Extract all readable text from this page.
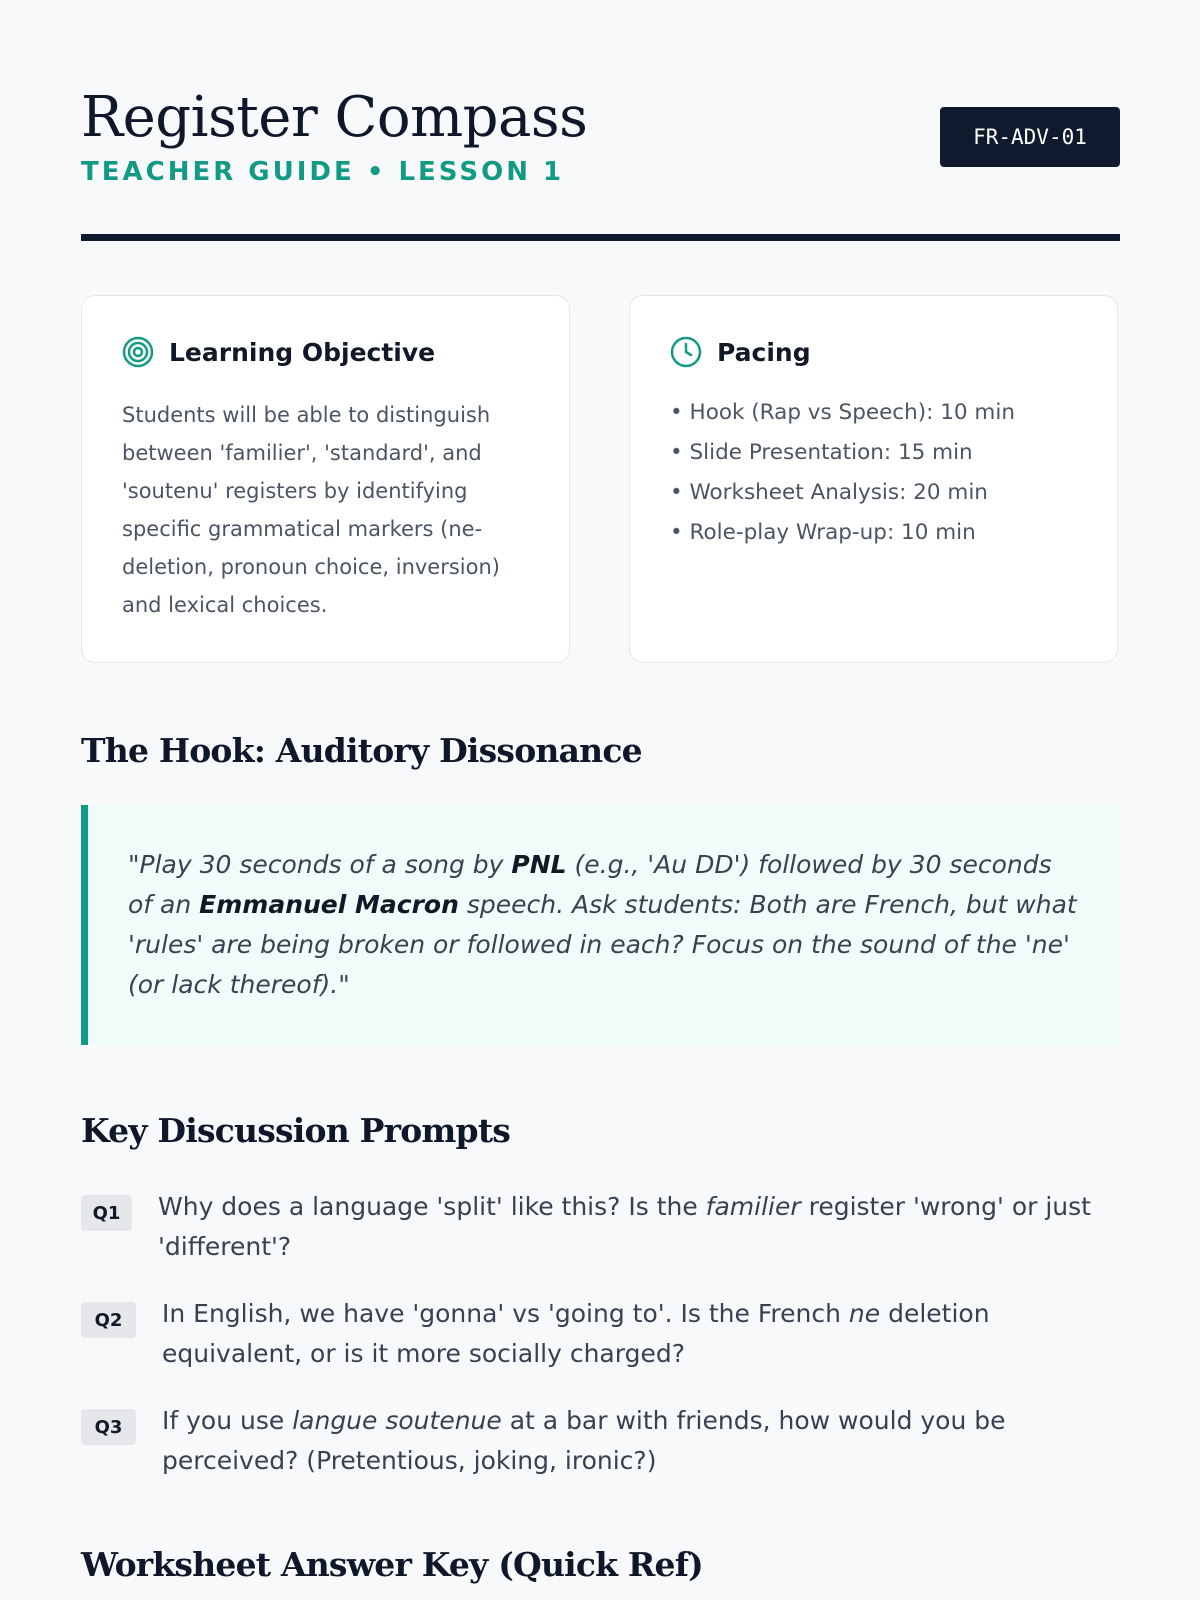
Register Compass
TEACHER GUIDE • LESSON 1
FR-ADV-01
Learning Objective
Students will be able to distinguish between 'familier', 'standard', and 'soutenu' registers by identifying specific grammatical markers (ne-deletion, pronoun choice, inversion) and lexical choices.
Pacing
• Hook (Rap vs Speech): 10 min
• Slide Presentation: 15 min
• Worksheet Analysis: 20 min
• Role-play Wrap-up: 10 min
The Hook: Auditory Dissonance

"Play 30 seconds of a song by PNL (e.g., 'Au DD') followed by 30 seconds of an Emmanuel Macron speech. Ask students: Both are French, but what 'rules' are being broken or followed in each? Focus on the sound of the 'ne' (or lack thereof)."

Key Discussion Prompts
Q1	Why does a language 'split' like this? Is the familier register 'wrong' or just 'different'?

Q2	In English, we have 'gonna' vs 'going to'. Is the French ne deletion equivalent, or is it more socially charged?

Q3	If you use langue soutenue at a bar with friends, how would you be perceived? (Pretentious, joking, ironic?)

Worksheet Answer Key (Quick Ref)
